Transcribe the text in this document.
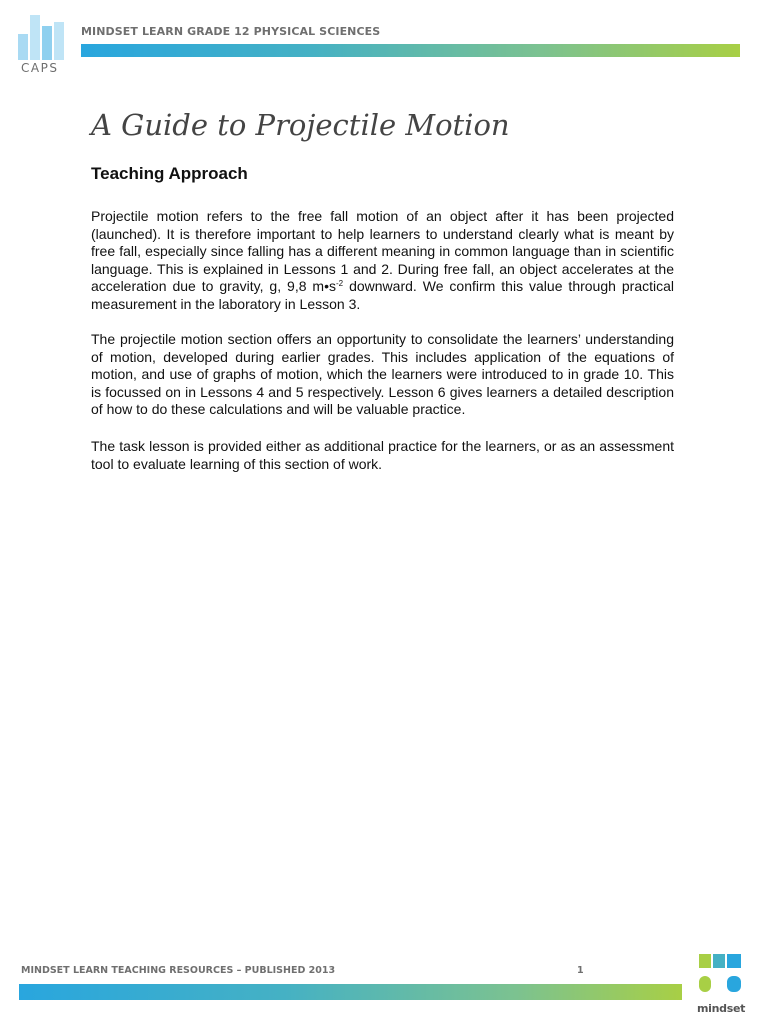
CAPS
MINDSET LEARN GRADE 12 PHYSICAL SCIENCES
A Guide to Projectile Motion
Teaching Approach

Projectile motion refers to the free fall motion of an object after it has been projected (launched). It is therefore important to help learners to understand clearly what is meant by free fall, especially since falling has a different meaning in common language than in scientific language. This is explained in Lessons 1 and 2. During free fall, an object accelerates at the acceleration due to gravity, g, 9,8 $m•s^{-2}$ downward. We confirm this value through practical measurement in the laboratory in Lesson 3.

The projectile motion section offers an opportunity to consolidate the learners’ understanding of motion, developed during earlier grades. This includes application of the equations of motion, and use of graphs of motion, which the learners were introduced to in grade 10. This is focussed on in Lessons 4 and 5 respectively. Lesson 6 gives learners a detailed description of how to do these calculations and will be valuable practice.

The task lesson is provided either as additional practice for the learners, or as an assessment tool to evaluate learning of this section of work.

MINDSET LEARN TEACHING RESOURCES – PUBLISHED 2013	1
mindset
